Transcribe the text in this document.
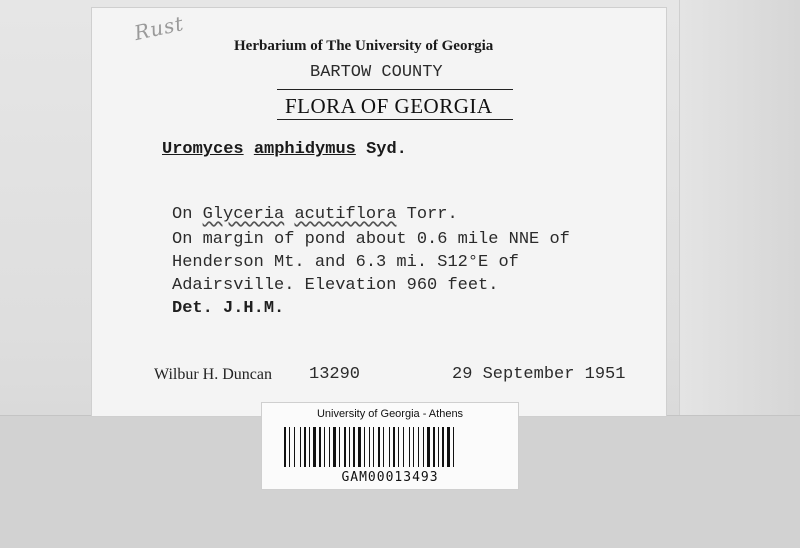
Rust
Herbarium of The University of Georgia
BARTOW COUNTY
FLORA OF GEORGIA
Uromyces amphidymus Syd.
On Glyceria acutiflora Torr.
On margin of pond about 0.6 mile NNE of
Henderson Mt. and 6.3 mi. S12°E of
Adairsville. Elevation 960 feet.
Det. J.H.M.
Wilbur H. Duncan 13290	29 September 1951
University of Georgia - Athens
GAM00013493
